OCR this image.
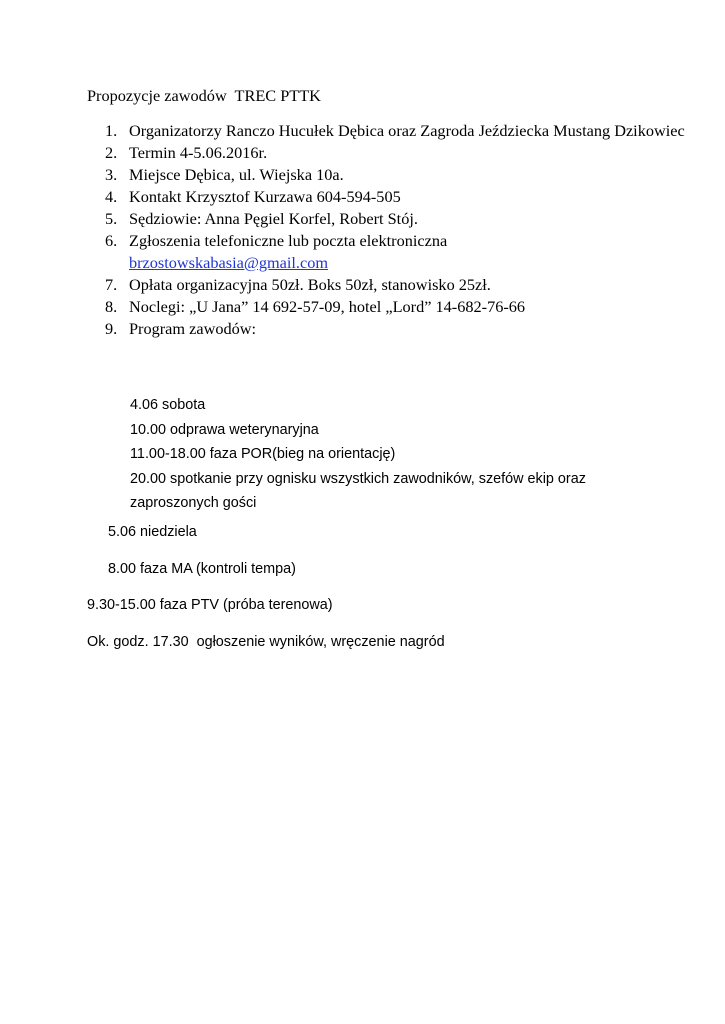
Propozycje zawodów  TREC PTTK
1. Organizatorzy Ranczo Hucułek Dębica oraz Zagroda Jeździecka Mustang Dzikowiec
2. Termin 4-5.06.2016r.
3. Miejsce Dębica, ul. Wiejska 10a.
4. Kontakt Krzysztof Kurzawa 604-594-505
5. Sędziowie: Anna Pęgiel Korfel, Robert Stój.
6. Zgłoszenia telefoniczne lub poczta elektroniczna
brzostowskabasia@gmail.com
7. Opłata organizacyjna 50zł. Boks 50zł, stanowisko 25zł.
8. Noclegi: „U Jana” 14 692-57-09, hotel „Lord” 14-682-76-66
9. Program zawodów:
4.06 sobota
10.00 odprawa weterynaryjna
11.00-18.00 faza POR(bieg na orientację)
20.00 spotkanie przy ognisku wszystkich zawodników, szefów ekip oraz zaproszonych gości
5.06 niedziela
8.00 faza MA (kontroli tempa)
9.30-15.00 faza PTV (próba terenowa)
Ok. godz. 17.30  ogłoszenie wyników, wręczenie nagród
